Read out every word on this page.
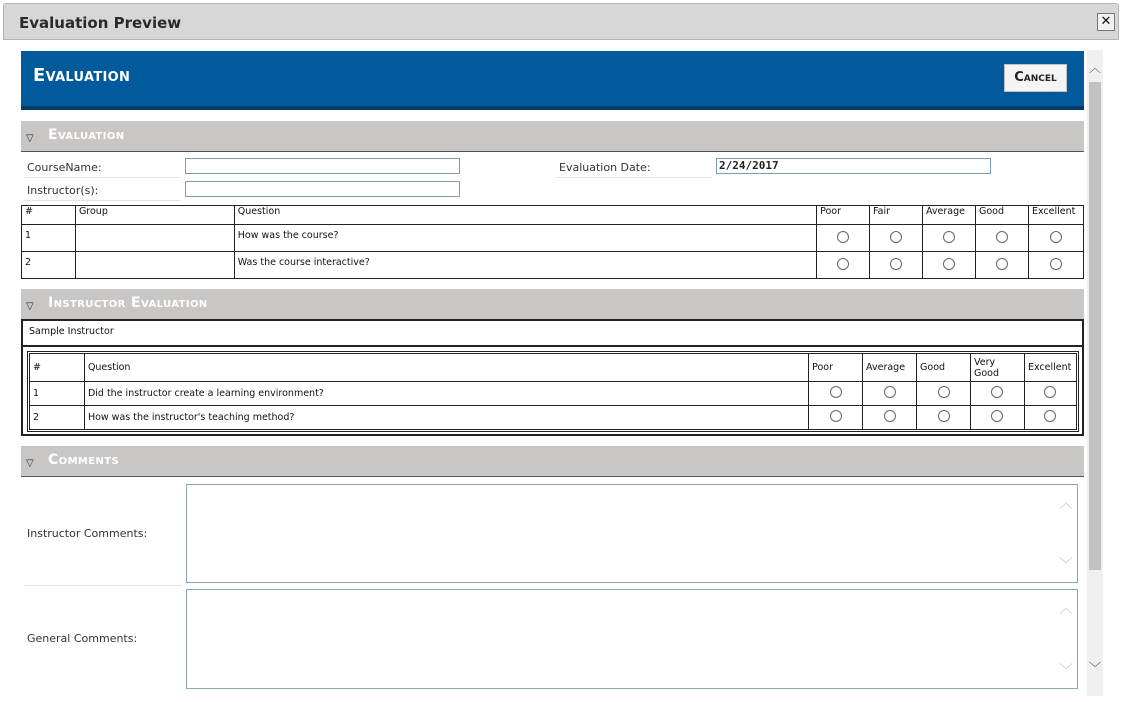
Evaluation Preview	✕
Evaluation	Cancel
▽ Evaluation
CourseName:
Instructor(s):
Evaluation Date:	2/24/2017
#	Group	Question	Poor	Fair	Average	Good	Excellent
1		How was the course?					
2		Was the course interactive?					
▽ Instructor Evaluation
Sample Instructor
#	Question	Poor	Average	Good	Very Good	Excellent
1	Did the instructor create a learning environment?					
2	How was the instructor's teaching method?					
▽ Comments
Instructor Comments:
︿
﹀
General Comments:
︿
﹀
︿
﹀
